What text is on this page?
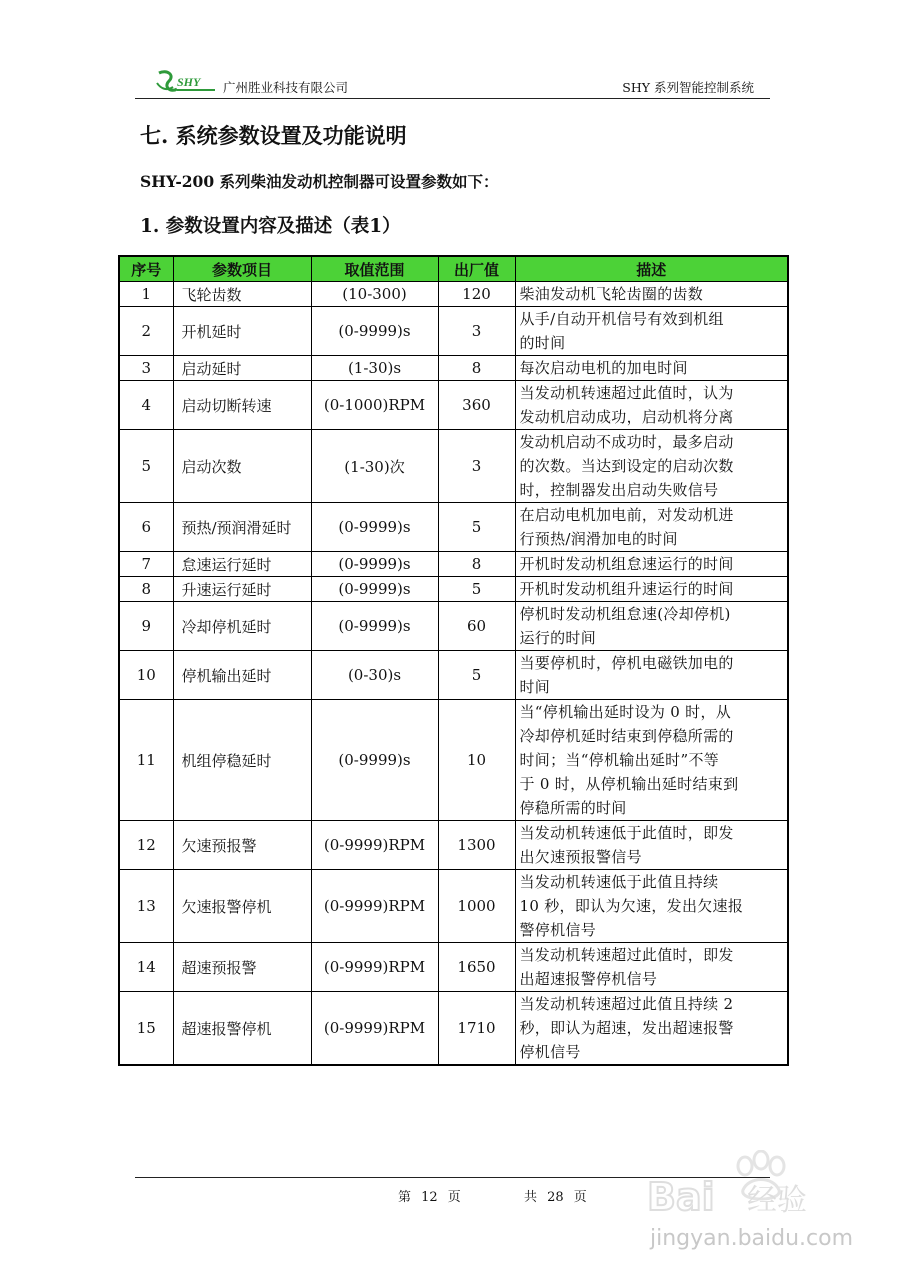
SHY 广州胜业科技有限公司	SHY 系列智能控制系统
七. 系统参数设置及功能说明

SHY-200 系列柴油发动机控制器可设置参数如下：

1. 参数设置内容及描述（表1）
序号	参数项目	取值范围	出厂值	描述
1	飞轮齿数	(10-300)	120	柴油发动机飞轮齿圈的齿数

2	开机延时	(0-9999)s	3	从手/自动开机信号有效到机组
的时间

3	启动延时	(1-30)s	8	每次启动电机的加电时间

4	启动切断转速	(0-1000)RPM	360	当发动机转速超过此值时，认为
发动机启动成功，启动机将分离

5	启动次数	(1-30)次	3	发动机启动不成功时，最多启动
的次数。当达到设定的启动次数
时，控制器发出启动失败信号

6	预热/预润滑延时	(0-9999)s	5	在启动电机加电前，对发动机进
行预热/润滑加电的时间

7	怠速运行延时	(0-9999)s	8	开机时发动机组怠速运行的时间

8	升速运行延时	(0-9999)s	5	开机时发动机组升速运行的时间

9	冷却停机延时	(0-9999)s	60	停机时发动机组怠速(冷却停机)
运行的时间

10	停机输出延时	(0-30)s	5	当要停机时，停机电磁铁加电的
时间

11	机组停稳延时	(0-9999)s	10	当“停机输出延时设为 0 时，从
冷却停机延时结束到停稳所需的
时间；当“停机输出延时”不等
于 0 时，从停机输出延时结束到
停稳所需的时间

12	欠速预报警	(0-9999)RPM	1300	当发动机转速低于此值时，即发
出欠速预报警信号

13	欠速报警停机	(0-9999)RPM	1000	当发动机转速低于此值且持续
10 秒，即认为欠速，发出欠速报
警停机信号

14	超速预报警	(0-9999)RPM	1650	当发动机转速超过此值时，即发
出超速报警停机信号

15	超速报警停机	(0-9999)RPM	1710	当发动机转速超过此值且持续 2
秒，即认为超速，发出超速报警
停机信号
第 12 页	共 28 页 Bai 经验
jingyan.baidu.com
